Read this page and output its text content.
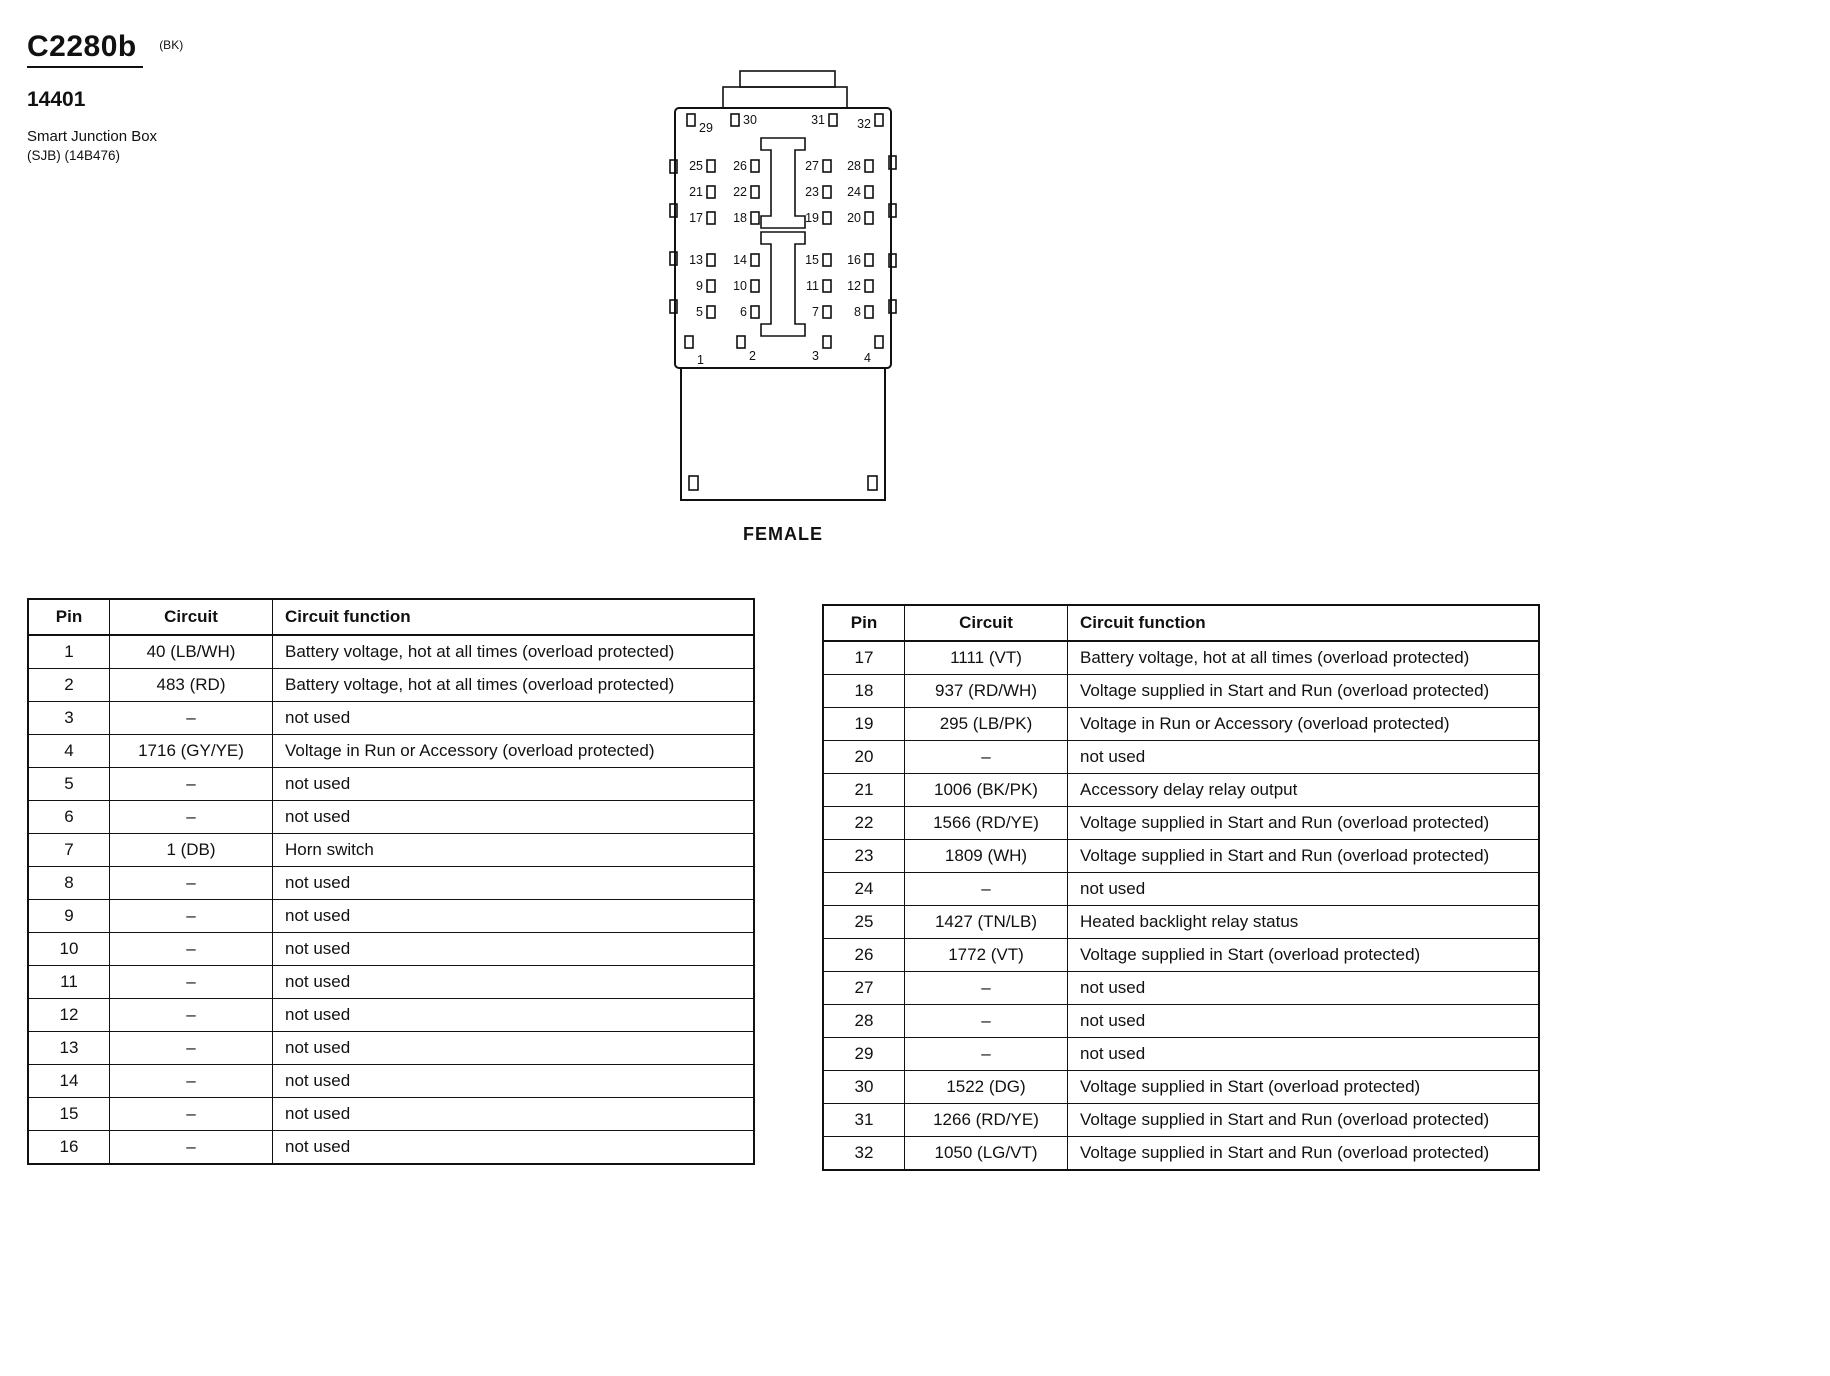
C2280b $^{(BK)}$
14401
Smart Junction Box
(SJB) (14B476)
29
30	31	32
25 26	27 28
21 22	23 24
17 18	19 20
13 14	15 16
9 10	11 12
5	6	7	8
1	2	3	4
FEMALE
Pin	Circuit	Circuit function
1	40 (LB/WH)	Battery voltage, hot at all times (overload protected)
2	483 (RD)	Battery voltage, hot at all times (overload protected)
3	–	not used
4	1716 (GY/YE)	Voltage in Run or Accessory (overload protected)
5	–	not used
6	–	not used
7	1 (DB)	Horn switch
8	–	not used
9	–	not used
10	–	not used
11	–	not used
12	–	not used
13	–	not used
14	–	not used
15	–	not used
16	–	not used
Pin	Circuit	Circuit function
17	1111 (VT)	Battery voltage, hot at all times (overload protected)
18	937 (RD/WH)	Voltage supplied in Start and Run (overload protected)
19	295 (LB/PK)	Voltage in Run or Accessory (overload protected)
20	–	not used
21	1006 (BK/PK)	Accessory delay relay output
22	1566 (RD/YE)	Voltage supplied in Start and Run (overload protected)
23	1809 (WH)	Voltage supplied in Start and Run (overload protected)
24	–	not used
25	1427 (TN/LB)	Heated backlight relay status
26	1772 (VT)	Voltage supplied in Start (overload protected)
27	–	not used
28	–	not used
29	–	not used
30	1522 (DG)	Voltage supplied in Start (overload protected)
31	1266 (RD/YE)	Voltage supplied in Start and Run (overload protected)
32	1050 (LG/VT)	Voltage supplied in Start and Run (overload protected)
